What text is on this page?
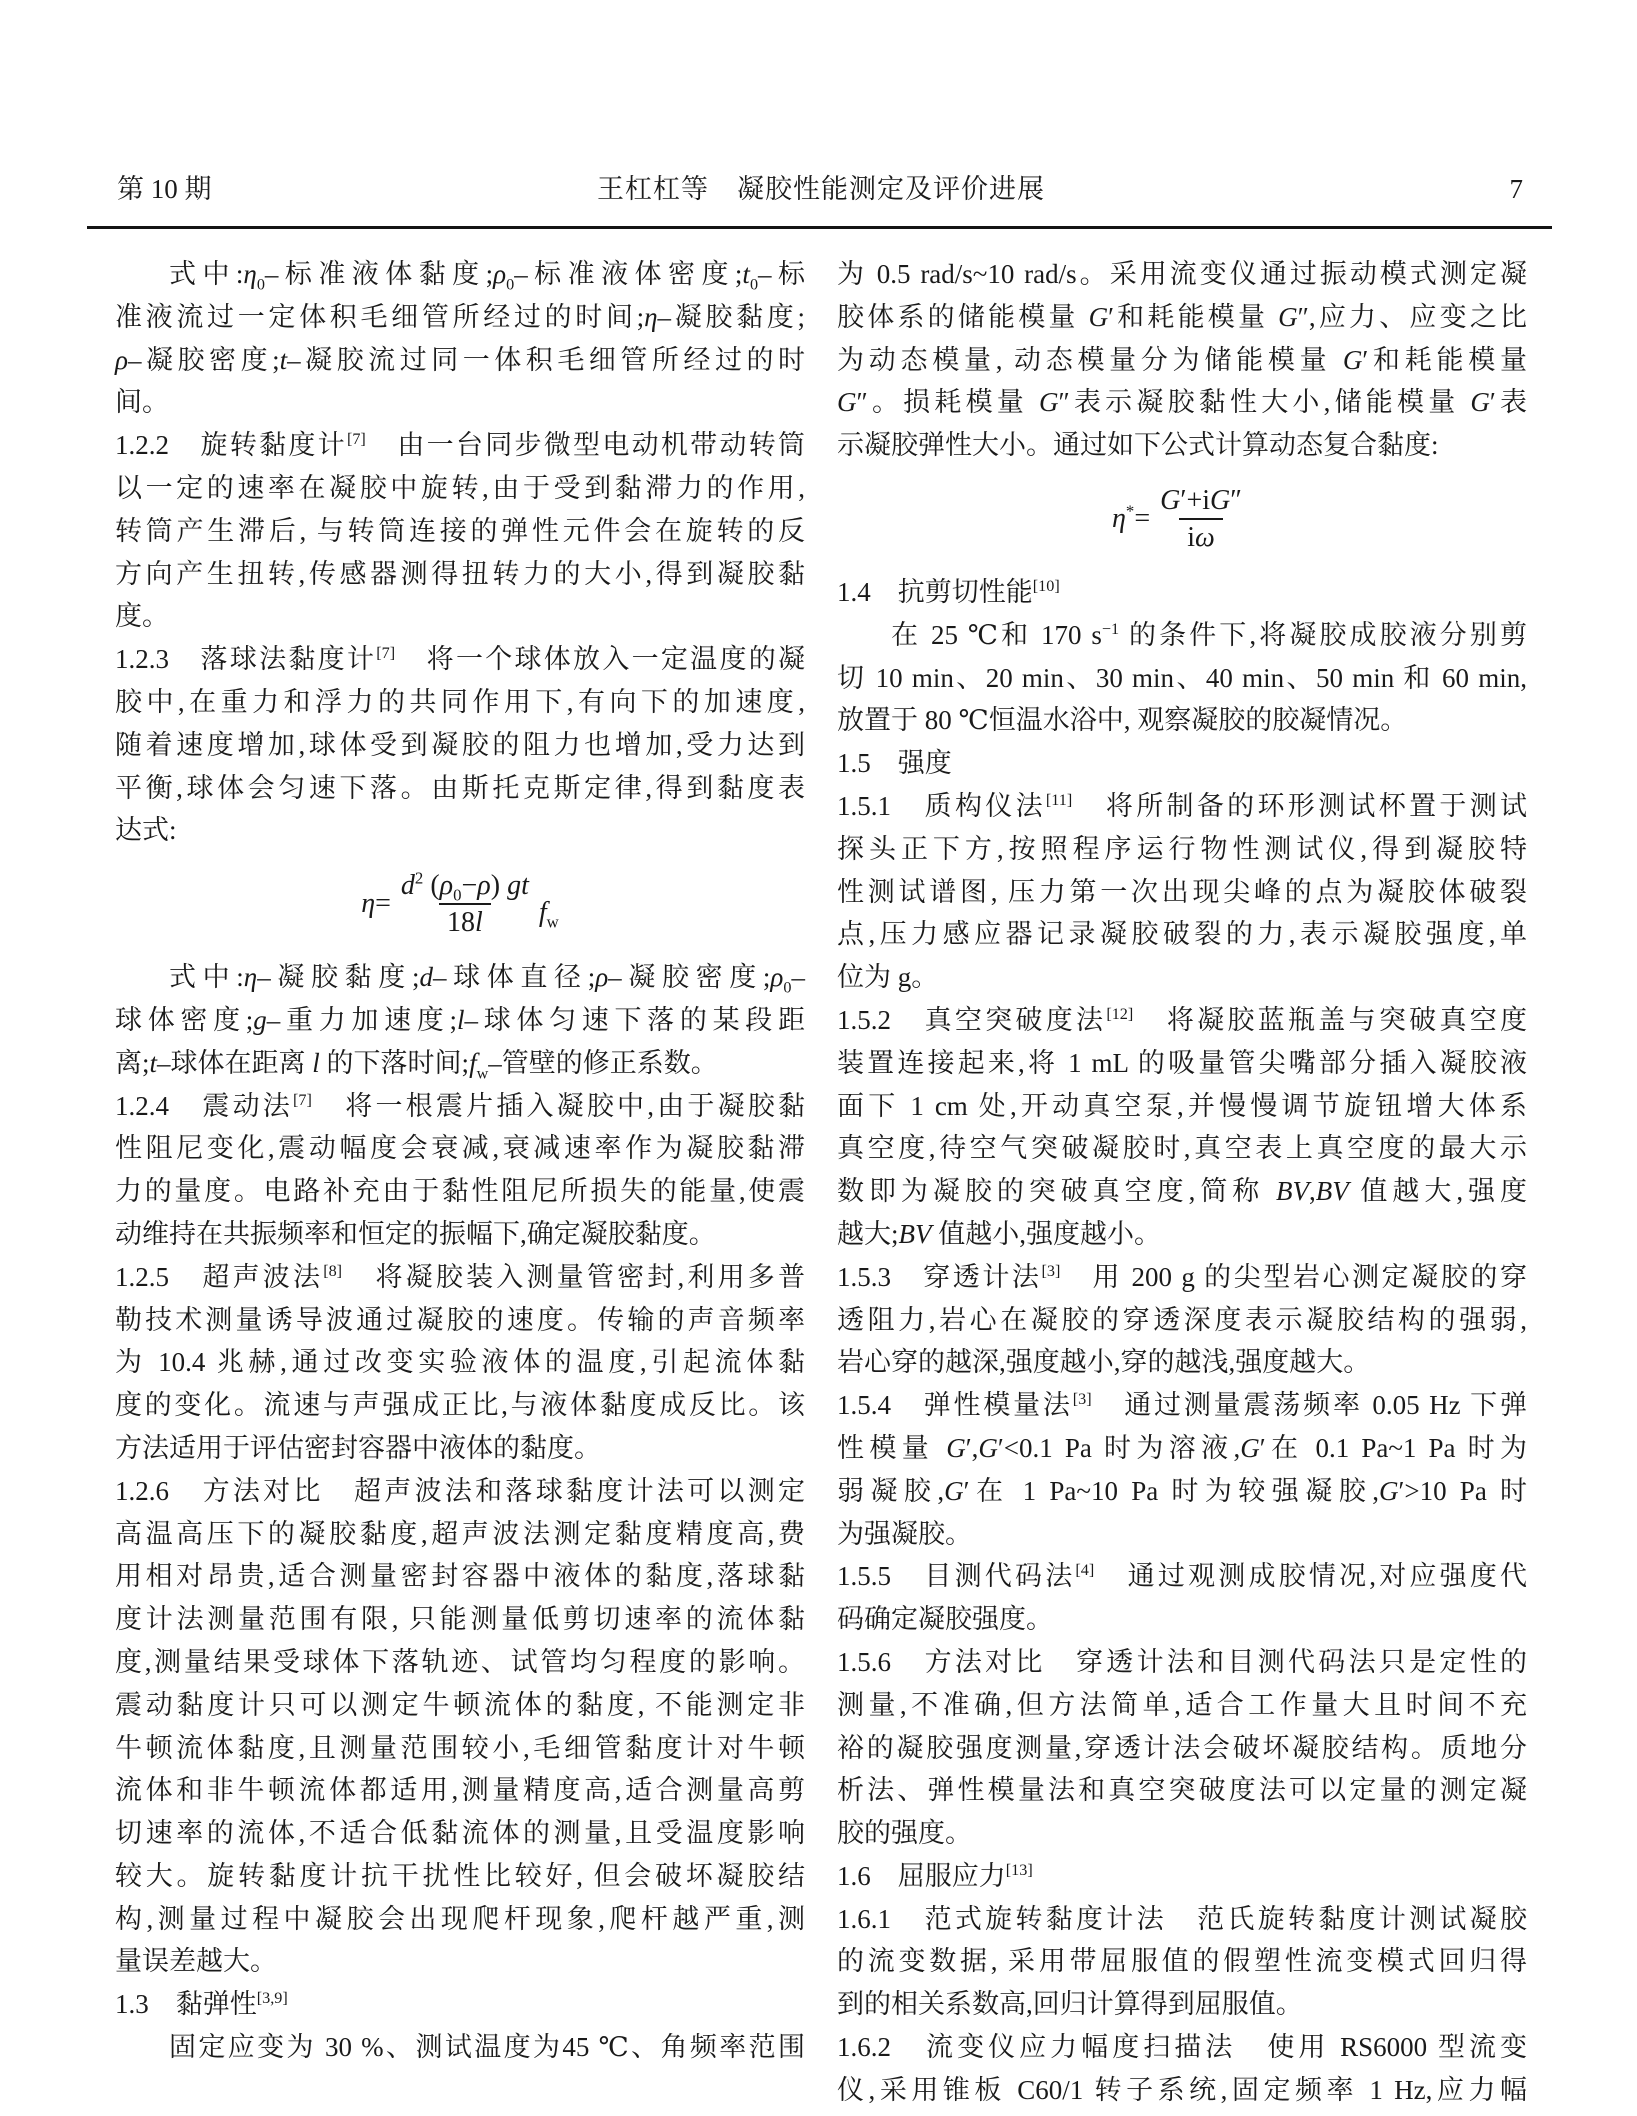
第 10 期	王杠杠等　凝胶性能测定及评价进展	7
式中$:\eta_0-$标准液体黏度$;\rho_0-$标准液体密度$;t_0-$标
准液流过一定体积毛细管所经过的时间;η–凝胶黏度;
ρ–凝胶密度;t–凝胶流过同一体积毛细管所经过的时
间。
1.2.2　旋转黏度计[7]　由一台同步微型电动机带动转筒
以一定的速率在凝胶中旋转,由于受到黏滞力的作用,
转筒产生滞后, 与转筒连接的弹性元件会在旋转的反
方向产生扭转,传感器测得扭转力的大小,得到凝胶黏
度。
1.2.3　落球法黏度计[7]　将一个球体放入一定温度的凝
胶中,在重力和浮力的共同作用下,有向下的加速度,
随着速度增加,球体受到凝胶的阻力也增加,受力达到
平衡,球体会匀速下落。由斯托克斯定律,得到黏度表
达式:
$\eta= \frac{d^2 (\rho_0-\rho) gt}{18l} f_w$
式中:η–凝胶黏度;d–球体直径;ρ–凝胶密度$;\rho_0-$
球体密度;g–重力加速度;l–球体匀速下落的某段距
离;t–球体在距离 l 的下落时间$;f_w-$管壁的修正系数。
1.2.4　震动法[7]　将一根震片插入凝胶中,由于凝胶黏
性阻尼变化,震动幅度会衰减,衰减速率作为凝胶黏滞
力的量度。电路补充由于黏性阻尼所损失的能量,使震
动维持在共振频率和恒定的振幅下,确定凝胶黏度。
1.2.5　超声波法[8]　将凝胶装入测量管密封,利用多普
勒技术测量诱导波通过凝胶的速度。传输的声音频率
为 10.4 兆赫,通过改变实验液体的温度,引起流体黏
度的变化。流速与声强成正比,与液体黏度成反比。该
方法适用于评估密封容器中液体的黏度。
1.2.6　方法对比　超声波法和落球黏度计法可以测定
高温高压下的凝胶黏度,超声波法测定黏度精度高,费
用相对昂贵,适合测量密封容器中液体的黏度,落球黏
度计法测量范围有限, 只能测量低剪切速率的流体黏
度,测量结果受球体下落轨迹、试管均匀程度的影响。
震动黏度计只可以测定牛顿流体的黏度, 不能测定非
牛顿流体黏度,且测量范围较小,毛细管黏度计对牛顿
流体和非牛顿流体都适用,测量精度高,适合测量高剪
切速率的流体,不适合低黏流体的测量,且受温度影响
较大。旋转黏度计抗干扰性比较好, 但会破坏凝胶结
构,测量过程中凝胶会出现爬杆现象,爬杆越严重,测
量误差越大。
1.3　黏弹性[3,9]
固定应变为 30 %、测试温度为45 ℃、角频率范围
为 0.5 rad/s~10 rad/s。采用流变仪通过振动模式测定凝
胶体系的储能模量 G′和耗能模量 G″,应力、应变之比
为动态模量, 动态模量分为储能模量 G′和耗能模量
G″。损耗模量 G″表示凝胶黏性大小,储能模量 G′表
示凝胶弹性大小。通过如下公式计算动态复合黏度:
$\eta^*= \frac{G'+iG''}{i\omega}$
1.4　抗剪切性能[10]
在 25 ℃和 170 $s^{-1}$ 的条件下,将凝胶成胶液分别剪
切 10 min、20 min、30 min、40 min、50 min 和 60 min,
放置于 80 ℃恒温水浴中, 观察凝胶的胶凝情况。
1.5　强度
1.5.1　质构仪法[11]　将所制备的环形测试杯置于测试
探头正下方,按照程序运行物性测试仪,得到凝胶特
性测试谱图, 压力第一次出现尖峰的点为凝胶体破裂
点,压力感应器记录凝胶破裂的力,表示凝胶强度,单
位为 g。
1.5.2　真空突破度法[12]　将凝胶蓝瓶盖与突破真空度
装置连接起来,将 1 mL 的吸量管尖嘴部分插入凝胶液
面下 1 cm 处,开动真空泵,并慢慢调节旋钮增大体系
真空度,待空气突破凝胶时,真空表上真空度的最大示
数即为凝胶的突破真空度,简称 BV,BV 值越大,强度
越大;BV 值越小,强度越小。
1.5.3　穿透计法[3]　用 200 g 的尖型岩心测定凝胶的穿
透阻力,岩心在凝胶的穿透深度表示凝胶结构的强弱,
岩心穿的越深,强度越小,穿的越浅,强度越大。
1.5.4　弹性模量法[3]　通过测量震荡频率 0.05 Hz 下弹
性模量 G′,G′<0.1 Pa 时为溶液,G′在 0.1 Pa~1 Pa 时为
弱凝胶,G′在 1 Pa~10 Pa 时为较强凝胶,G′>10 Pa 时
为强凝胶。
1.5.5　目测代码法[4]　通过观测成胶情况,对应强度代
码确定凝胶强度。
1.5.6　方法对比　穿透计法和目测代码法只是定性的
测量,不准确,但方法简单,适合工作量大且时间不充
裕的凝胶强度测量,穿透计法会破坏凝胶结构。质地分
析法、弹性模量法和真空突破度法可以定量的测定凝
胶的强度。
1.6　屈服应力[13]
1.6.1　范式旋转黏度计法　范氏旋转黏度计测试凝胶
的流变数据, 采用带屈服值的假塑性流变模式回归得
到的相关系数高,回归计算得到屈服值。
1.6.2　流变仪应力幅度扫描法　使用 RS6000 型流变
仪,采用锥板 C60/1 转子系统,固定频率 1 Hz,应力幅
